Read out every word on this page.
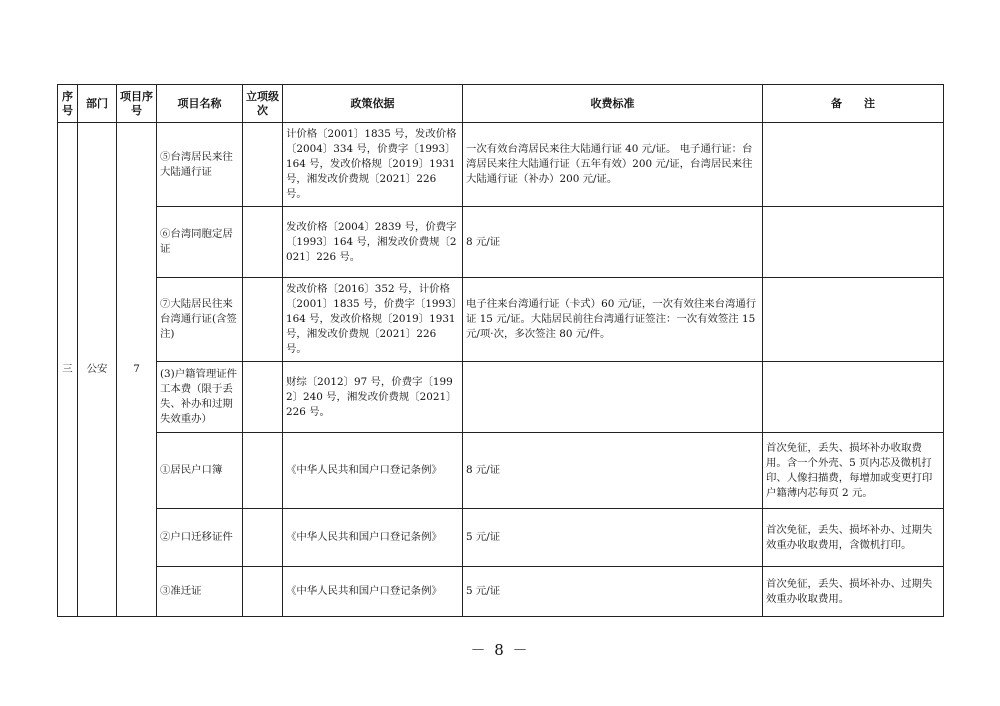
序号	部门	项目序号	项目名称	立项级次	政策依据	收费标准	备　　注
三	公安	7	⑤台湾居民来往大陆通行证		计价格〔2001〕1835 号，发改价格〔2004〕334 号，价费字〔1993〕164 号，发改价格规〔2019〕1931 号，湘发改价费规〔2021〕226 号。	一次有效台湾居民来往大陆通行证 40 元/证。 电子通行证：台湾居民来往大陆通行证（五年有效）200 元/证，台湾居民来往大陆通行证（补办）200 元/证。	
			⑥台湾同胞定居证		发改价格〔2004〕2839 号，价费字〔1993〕164 号，湘发改价费规〔2021〕226 号。	8 元/证	
			⑦大陆居民往来台湾通行证(含签注)		发改价格〔2016〕352 号，计价格〔2001〕1835 号，价费字〔1993〕164 号，发改价格规〔2019〕1931 号，湘发改价费规〔2021〕226 号。	电子往来台湾通行证（卡式）60 元/证，一次有效往来台湾通行证 15 元/证。大陆居民前往台湾通行证签注：一次有效签注 15 元/项·次，多次签注 80 元/件。	
			(3)户籍管理证件工本费（限于丢失、补办和过期失效重办）		财综〔2012〕97 号，价费字〔1992〕240 号，湘发改价费规〔2021〕226 号。		
			①居民户口簿		《中华人民共和国户口登记条例》	8 元/证	首次免征，丢失、损坏补办收取费用。含一个外壳、5 页内芯及微机打印、人像扫描费，每增加或变更打印户籍薄内芯每页 2 元。
			②户口迁移证件		《中华人民共和国户口登记条例》	5 元/证	首次免征，丢失、损坏补办、过期失效重办收取费用，含微机打印。
			③准迁证		《中华人民共和国户口登记条例》	5 元/证	首次免征，丢失、损坏补办、过期失效重办收取费用。
－ 8 －
